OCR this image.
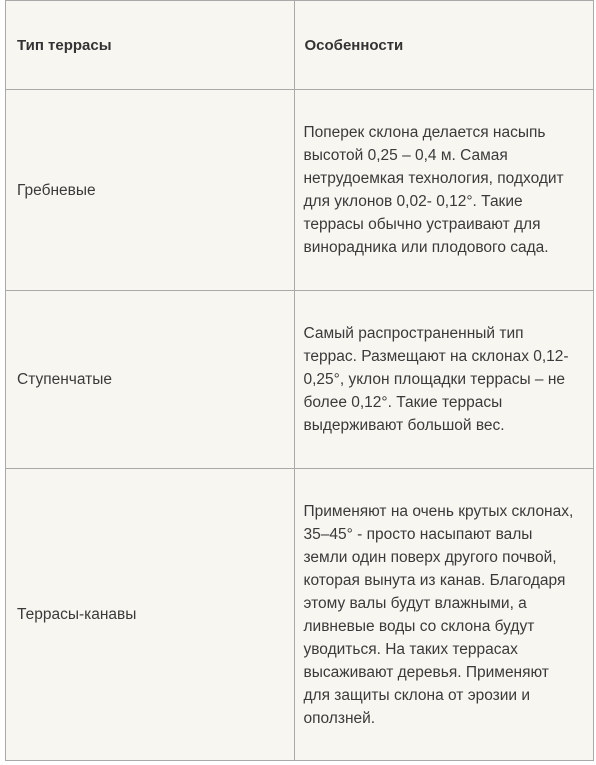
Тип террасы	Особенности

Гребневые	Поперек склона делается насыпь высотой 0,25 – 0,4 м. Самая нетрудоемкая технология, подходит для уклонов 0,02- 0,12°. Такие террасы обычно устраивают для винорадника или плодового сада.

Ступенчатые	Самый распространенный тип террас. Размещают на склонах 0,12-0,25°, уклон площадки террасы – не более 0,12°. Такие террасы выдерживают большой вес.

Террасы-канавы	Применяют на очень крутых склонах, 35–45° - просто насыпают валы земли один поверх другого почвой, которая вынута из канав. Благодаря этому валы будут влажными, а ливневые воды со склона будут уводиться. На таких террасах высаживают деревья. Применяют для защиты склона от эрозии и оползней.
